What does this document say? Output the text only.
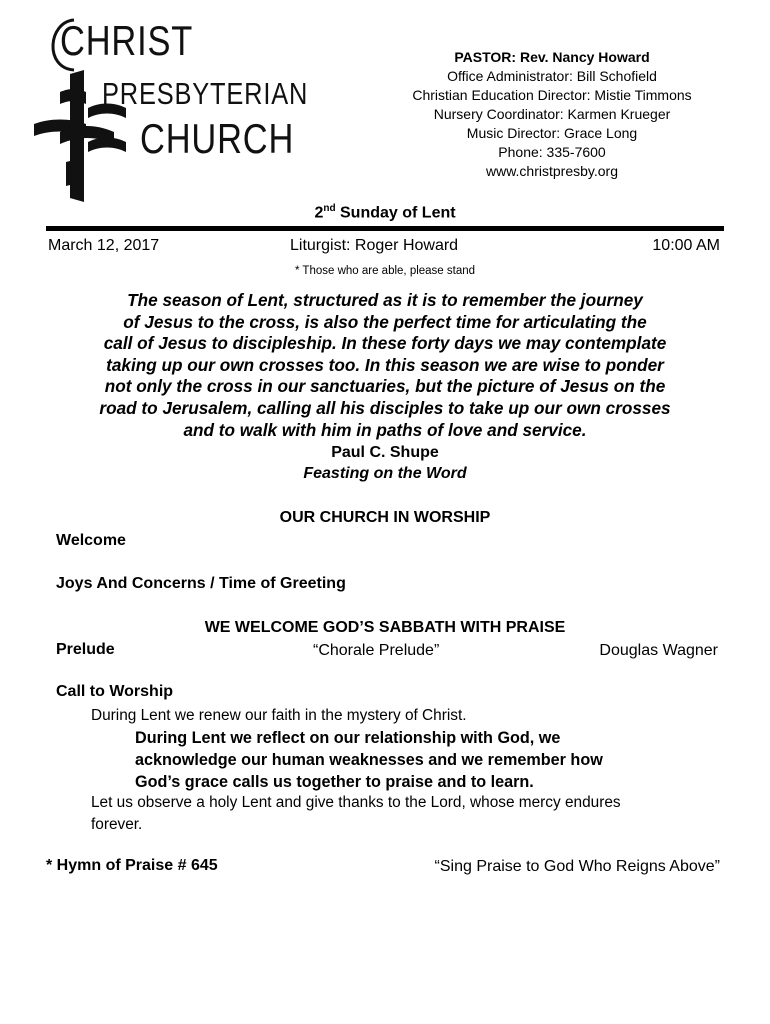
CHRIST
PRESBYTERIAN
CHURCH
PASTOR: Rev. Nancy Howard
Office Administrator: Bill Schofield
Christian Education Director: Mistie Timmons
Nursery Coordinator: Karmen Krueger
Music Director: Grace Long
Phone: 335-7600
www.christpresby.org
2nd Sunday of Lent
March 12, 2017	Liturgist: Roger Howard	10:00 AM
* Those who are able, please stand
The season of Lent, structured as it is to remember the journey
of Jesus to the cross, is also the perfect time for articulating the
call of Jesus to discipleship. In these forty days we may contemplate
taking up our own crosses too. In this season we are wise to ponder
not only the cross in our sanctuaries, but the picture of Jesus on the
road to Jerusalem, calling all his disciples to take up our own crosses
and to walk with him in paths of love and service.
Paul C. Shupe
Feasting on the Word
OUR CHURCH IN WORSHIP
Welcome
Joys And Concerns / Time of Greeting
WE WELCOME GOD’S SABBATH WITH PRAISE
Prelude	“Chorale Prelude”	Douglas Wagner
Call to Worship
During Lent we renew our faith in the mystery of Christ.
During Lent we reflect on our relationship with God, we
acknowledge our human weaknesses and we remember how
God’s grace calls us together to praise and to learn.
Let us observe a holy Lent and give thanks to the Lord, whose mercy endures
forever.
* Hymn of Praise # 645	“Sing Praise to God Who Reigns Above”
